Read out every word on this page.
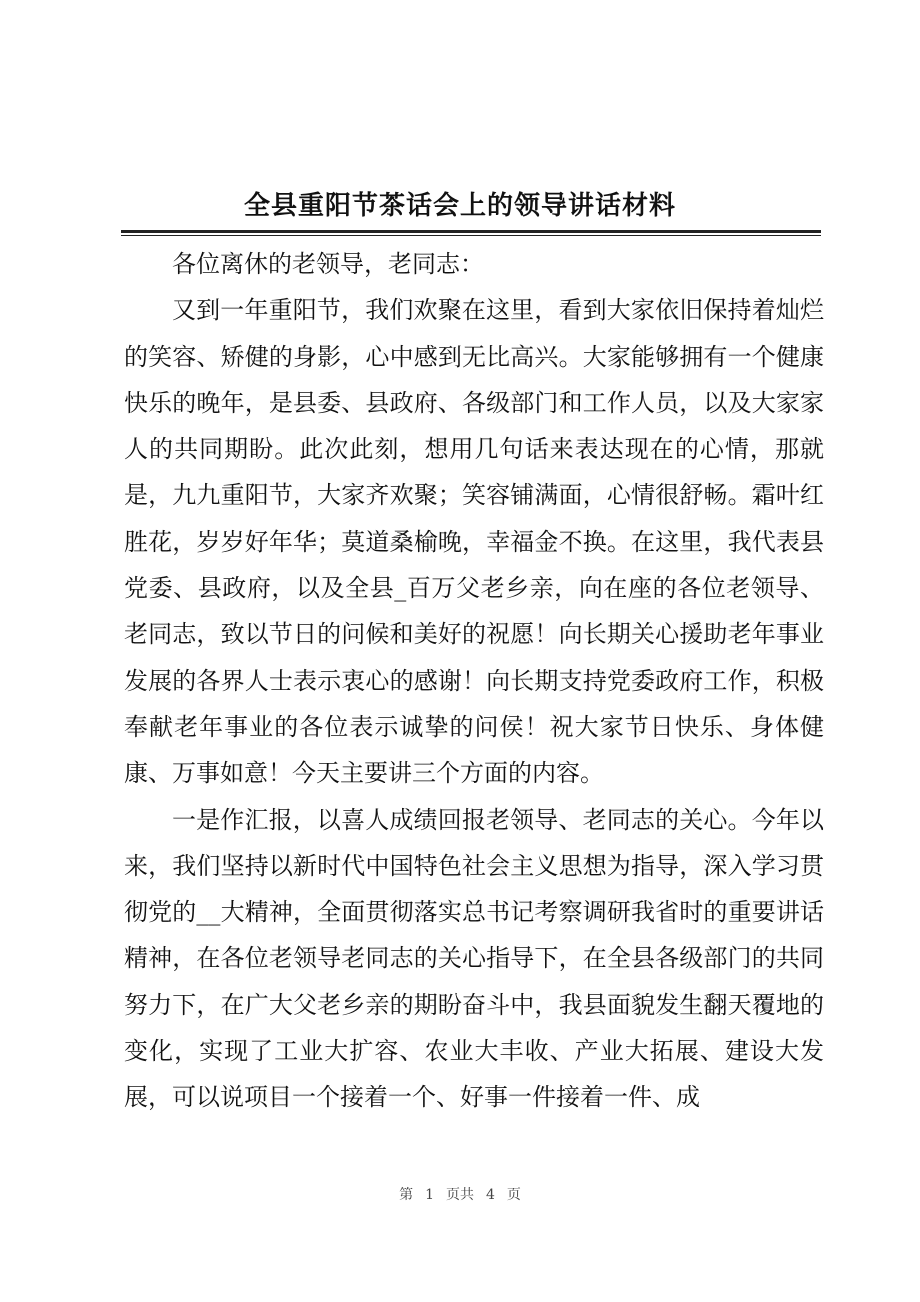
全县重阳节茶话会上的领导讲话材料

各位离休的老领导，老同志：

又到一年重阳节，我们欢聚在这里，看到大家依旧保持着灿烂的笑容、矫健的身影，心中感到无比高兴。大家能够拥有一个健康快乐的晚年，是县委、县政府、各级部门和工作人员，以及大家家人的共同期盼。此次此刻，想用几句话来表达现在的心情，那就是，九九重阳节，大家齐欢聚；笑容铺满面，心情很舒畅。霜叶红胜花，岁岁好年华；莫道桑榆晚，幸福金不换。在这里，我代表县党委、县政府，以及全县_百万父老乡亲，向在座的各位老领导、老同志，致以节日的问候和美好的祝愿！向长期关心援助老年事业发展的各界人士表示衷心的感谢！向长期支持党委政府工作，积极奉献老年事业的各位表示诚挚的问侯！祝大家节日快乐、身体健康、万事如意！今天主要讲三个方面的内容。

一是作汇报，以喜人成绩回报老领导、老同志的关心。今年以来，我们坚持以新时代中国特色社会主义思想为指导，深入学习贯彻党的__大精神，全面贯彻落实总书记考察调研我省时的重要讲话精神，在各位老领导老同志的关心指导下，在全县各级部门的共同努力下，在广大父老乡亲的期盼奋斗中，我县面貌发生翻天覆地的变化，实现了工业大扩容、农业大丰收、产业大拓展、建设大发展，可以说项目一个接着一个、好事一件接着一件、成

第 1 页共 4 页
